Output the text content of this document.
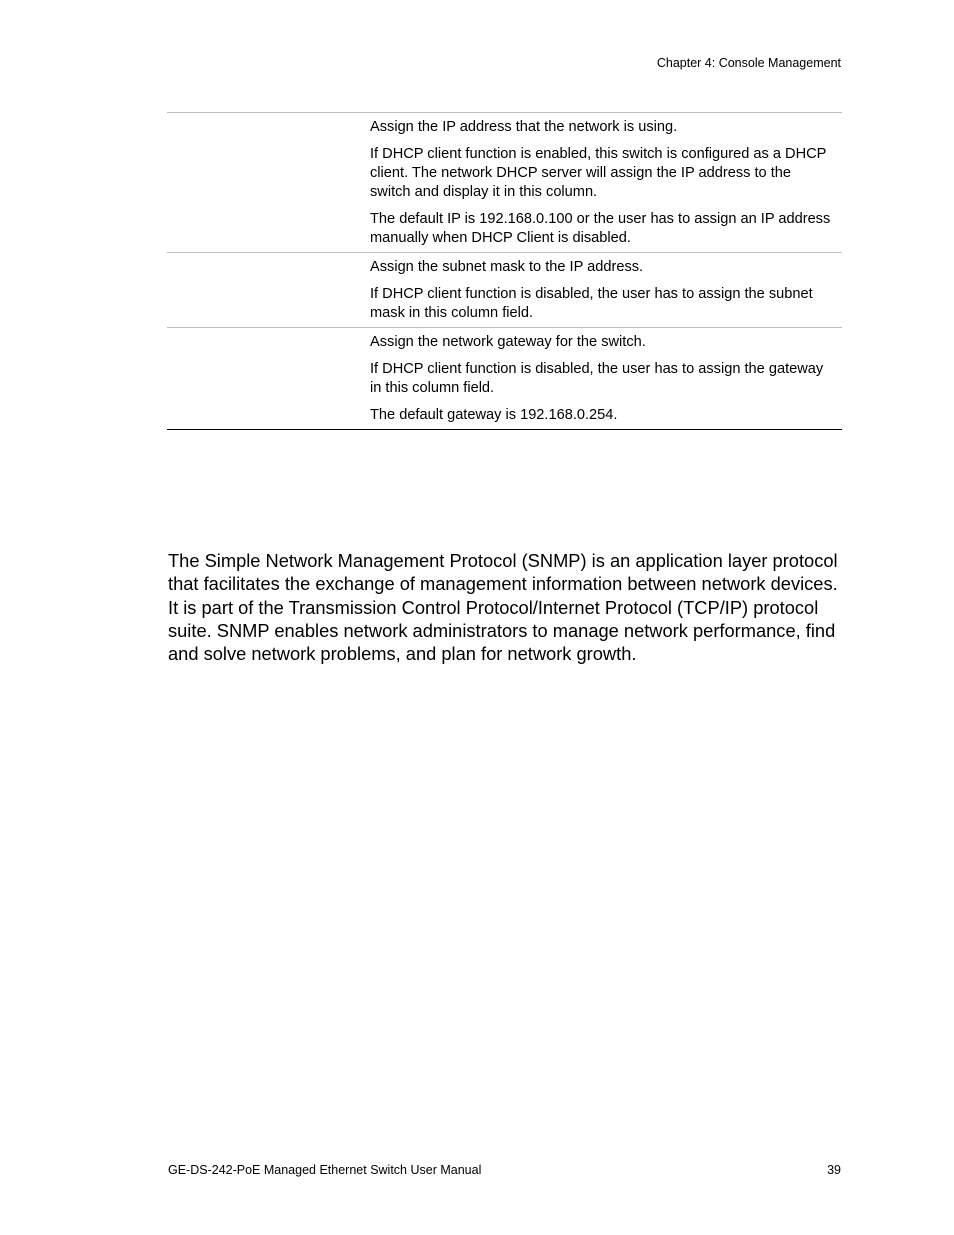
Chapter 4: Console Management

	Assign the IP address that the network is using.

If DHCP client function is enabled, this switch is configured as a DHCP client. The network DHCP server will assign the IP address to the switch and display it in this column.

The default IP is 192.168.0.100 or the user has to assign an IP address manually when DHCP Client is disabled.

	Assign the subnet mask to the IP address.

If DHCP client function is disabled, the user has to assign the subnet mask in this column field.

	Assign the network gateway for the switch.

If DHCP client function is disabled, the user has to assign the gateway in this column field.

The default gateway is 192.168.0.254.

The Simple Network Management Protocol (SNMP) is an application layer protocol that facilitates the exchange of management information between network devices. It is part of the Transmission Control Protocol/Internet Protocol (TCP/IP) protocol suite. SNMP enables network administrators to manage network performance, find and solve network problems, and plan for network growth.

GE-DS-242-PoE Managed Ethernet Switch User Manual	39
